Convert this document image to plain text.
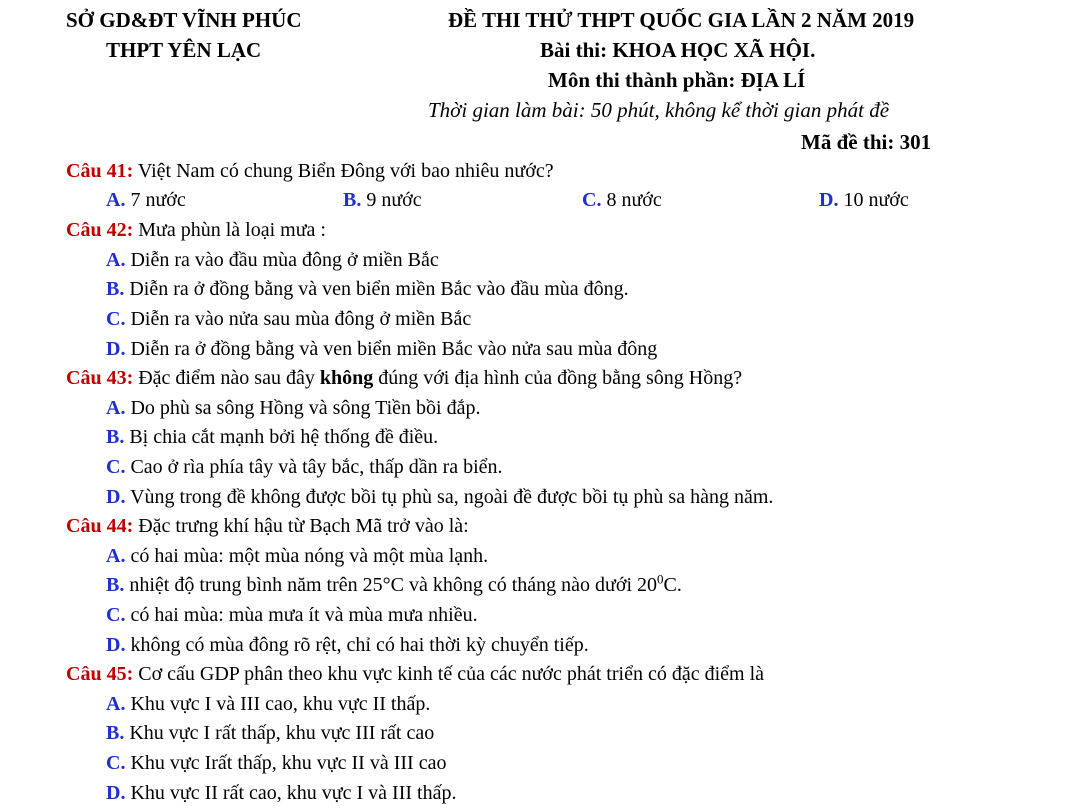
SỞ GD&ĐT VĨNH PHÚC
THPT YÊN LẠC
ĐỀ THI THỬ THPT QUỐC GIA LẦN 2 NĂM 2019
Bài thi: KHOA HỌC XÃ HỘI.
Môn thi thành phần: ĐỊA LÍ
Thời gian làm bài: 50 phút, không kể thời gian phát đề
Mã đề thi: 301
Câu 41: Việt Nam có chung Biển Đông với bao nhiêu nước?
A. 7 nước	B. 9 nước	C. 8 nước	D. 10 nước
Câu 42: Mưa phùn là loại mưa :
A. Diễn ra vào đầu mùa đông ở miền Bắc
B. Diễn ra ở đồng bằng và ven biển miền Bắc vào đầu mùa đông.
C. Diễn ra vào nửa sau mùa đông ở miền Bắc
D. Diễn ra ở đồng bằng và ven biển miền Bắc vào nửa sau mùa đông
Câu 43: Đặc điểm nào sau đây không đúng với địa hình của đồng bằng sông Hồng?
A. Do phù sa sông Hồng và sông Tiền bồi đắp.
B. Bị chia cắt mạnh bởi hệ thống đề điều.
C. Cao ở rìa phía tây và tây bắc, thấp dần ra biển.
D. Vùng trong đề không được bồi tụ phù sa, ngoài đề được bồi tụ phù sa hàng năm.
Câu 44: Đặc trưng khí hậu từ Bạch Mã trở vào là:
A. có hai mùa: một mùa nóng và một mùa lạnh.
B. nhiệt độ trung bình năm trên 25°C và không có tháng nào dưới $20^0C$.
C. có hai mùa: mùa mưa ít và mùa mưa nhiều.
D. không có mùa đông rõ rệt, chỉ có hai thời kỳ chuyển tiếp.
Câu 45: Cơ cấu GDP phân theo khu vực kinh tế của các nước phát triển có đặc điểm là
A. Khu vực I và III cao, khu vực II thấp.
B. Khu vực I rất thấp, khu vực III rất cao
C. Khu vực Irất thấp, khu vực II và III cao
D. Khu vực II rất cao, khu vực I và III thấp.
